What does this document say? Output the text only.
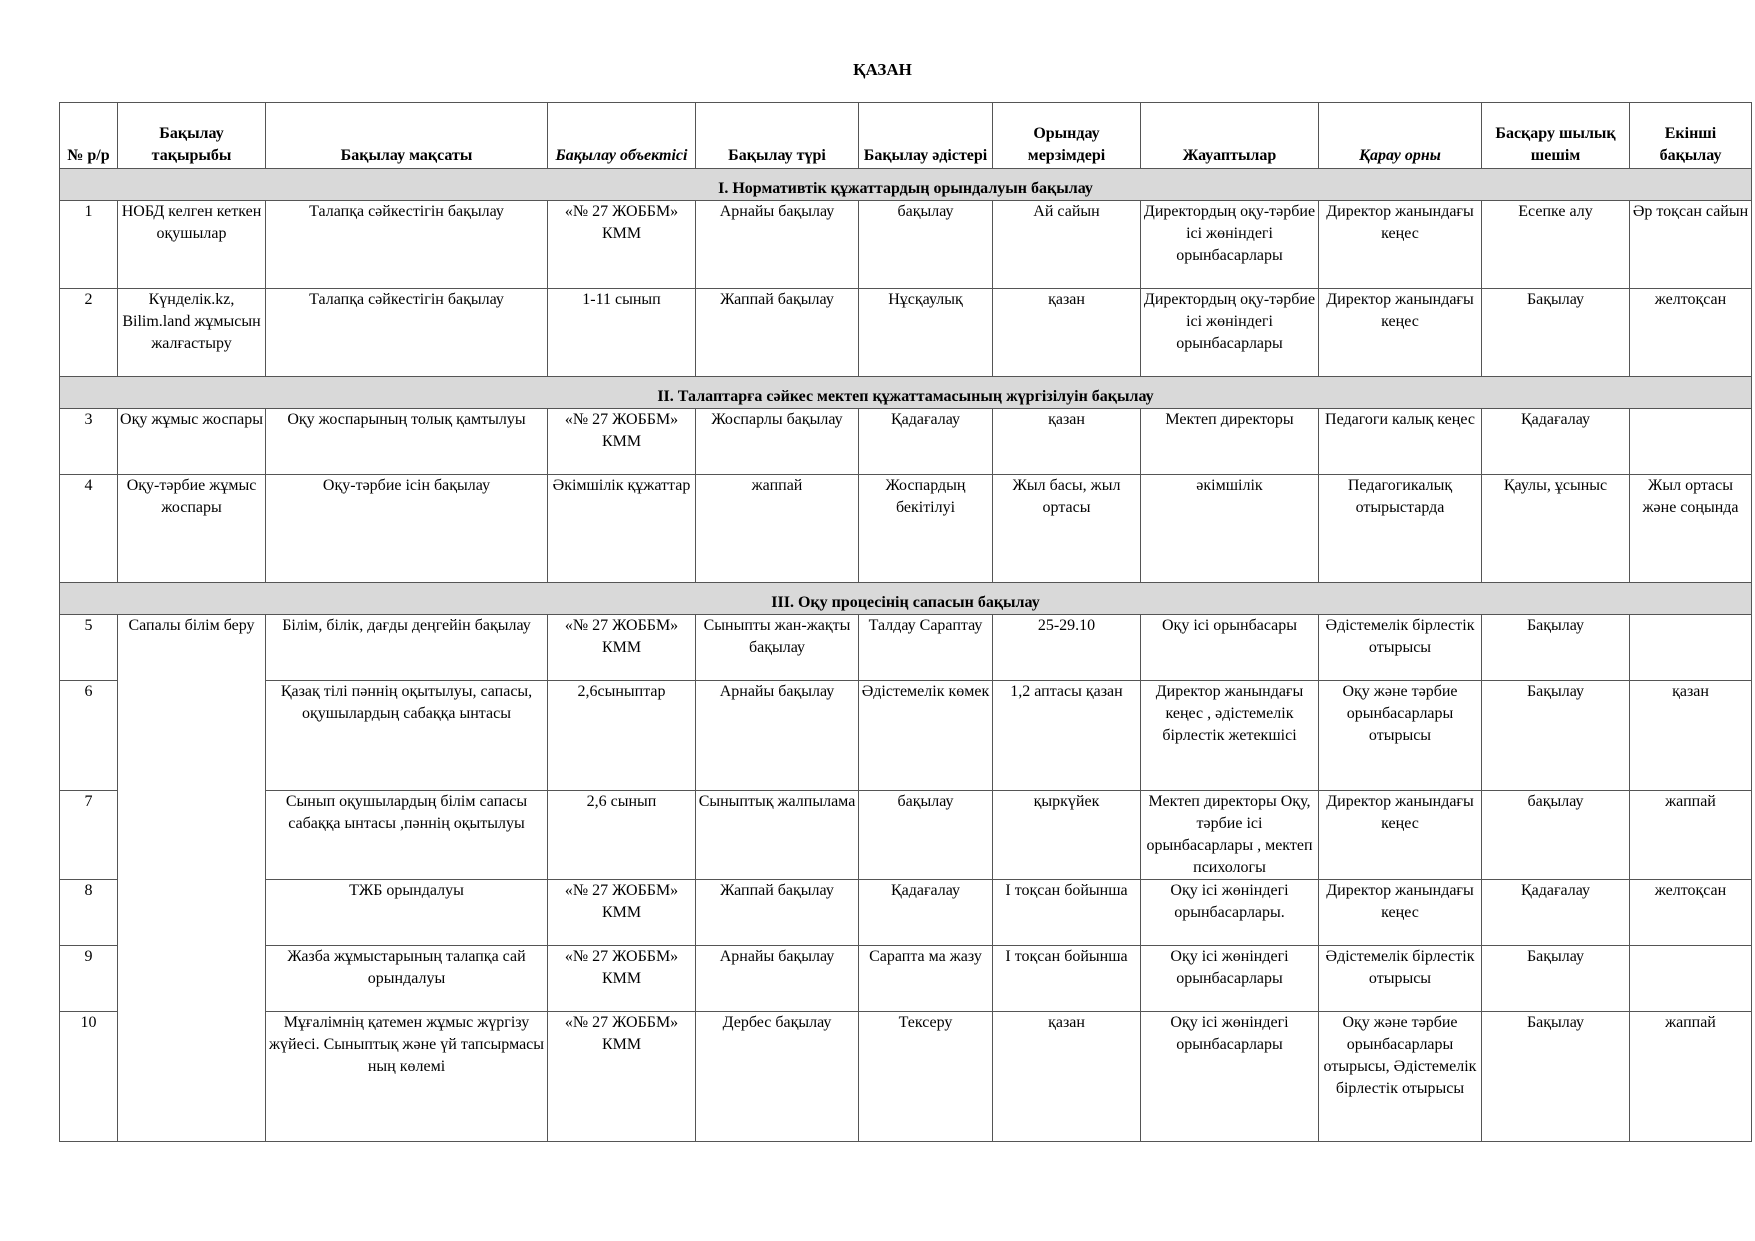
ҚАЗАН
№ р/р	Бақылау тақырыбы	Бақылау мақсаты	Бақылау объектісі	Бақылау түрі	Бақылау әдістері	Орындау мерзімдері	Жауаптылар	Қарау орны	Басқару шылық шешім	Екінші бақылау
І. Нормативтік құжаттардың орындалуын бақылау										
1	НОБД келген кеткен оқушылар	Талапқа сәйкестігін бақылау	«№ 27 ЖОББМ» КММ	Арнайы бақылау	бақылау	Ай сайын	Директордың оқу-тәрбие ісі жөніндегі орынбасарлары	Директор жанындағы кеңес	Есепке алу	Әр тоқсан сайын
2	Күнделік.kz, Bilim.land жұмысын жалғастыру	Талапқа сәйкестігін бақылау	1-11 сынып	Жаппай бақылау	Нұсқаулық	қазан	Директордың оқу-тәрбие ісі жөніндегі орынбасарлары	Директор жанындағы кеңес	Бақылау	желтоқсан
ІІ. Талаптарға сәйкес мектеп құжаттамасының жүргізілуін бақылау										
3	Оқу жұмыс жоспары	Оқу жоспарының толық қамтылуы	«№ 27 ЖОББМ» КММ	Жоспарлы бақылау	Қадағалау	қазан	Мектеп директоры	Педагоги калық кеңес	Қадағалау	
4	Оқу-тәрбие жұмыс жоспары	Оқу-тәрбие ісін бақылау	Әкімшілік құжаттар	жаппай	Жоспардың бекітілуі	Жыл басы, жыл ортасы	әкімшілік	Педагогикалық отырыстарда	Қаулы, ұсыныс	Жыл ортасы және соңында
ІІІ. Оқу процесінің сапасын бақылау										
5	Сапалы білім беру	Білім, білік, дағды деңгейін бақылау	«№ 27 ЖОББМ» КММ	Сыныпты жан-жақты бақылау	Талдау Сараптау	25-29.10	Оқу ісі орынбасары	Әдістемелік бірлестік отырысы	Бақылау	
6		Қазақ тілі пәннің оқытылуы, сапасы, оқушылардың сабаққа ынтасы	2,6сыныптар	Арнайы бақылау	Әдістемелік көмек	1,2 аптасы қазан	Директор жанындағы кеңес , әдістемелік бірлестік жетекшісі	Оқу және тәрбие орынбасарлары отырысы	Бақылау	қазан
7		Сынып оқушылардың білім сапасы сабаққа ынтасы ,пәннің оқытылуы	2,6 сынып	Сыныптық жалпылама	бақылау	қыркүйек	Мектеп директоры Оқу, тәрбие ісі орынбасарлары , мектеп психологы	Директор жанындағы кеңес	бақылау	жаппай
8		ТЖБ орындалуы	«№ 27 ЖОББМ» КММ	Жаппай бақылау	Қадағалау	І тоқсан бойынша	Оқу ісі жөніндегі орынбасарлары.	Директор жанындағы кеңес	Қадағалау	желтоқсан
9		Жазба жұмыстарының талапқа сай орындалуы	«№ 27 ЖОББМ» КММ	Арнайы бақылау	Сарапта ма жазу	І тоқсан бойынша	Оқу ісі жөніндегі орынбасарлары	Әдістемелік бірлестік отырысы	Бақылау	
10		Мұғалімнің қатемен жұмыс жүргізу жүйесі. Сыныптық және үй тапсырмасы ның көлемі	«№ 27 ЖОББМ» КММ	Дербес бақылау	Тексеру	қазан	Оқу ісі жөніндегі орынбасарлары	Оқу және тәрбие орынбасарлары отырысы, Әдістемелік бірлестік отырысы	Бақылау	жаппай
